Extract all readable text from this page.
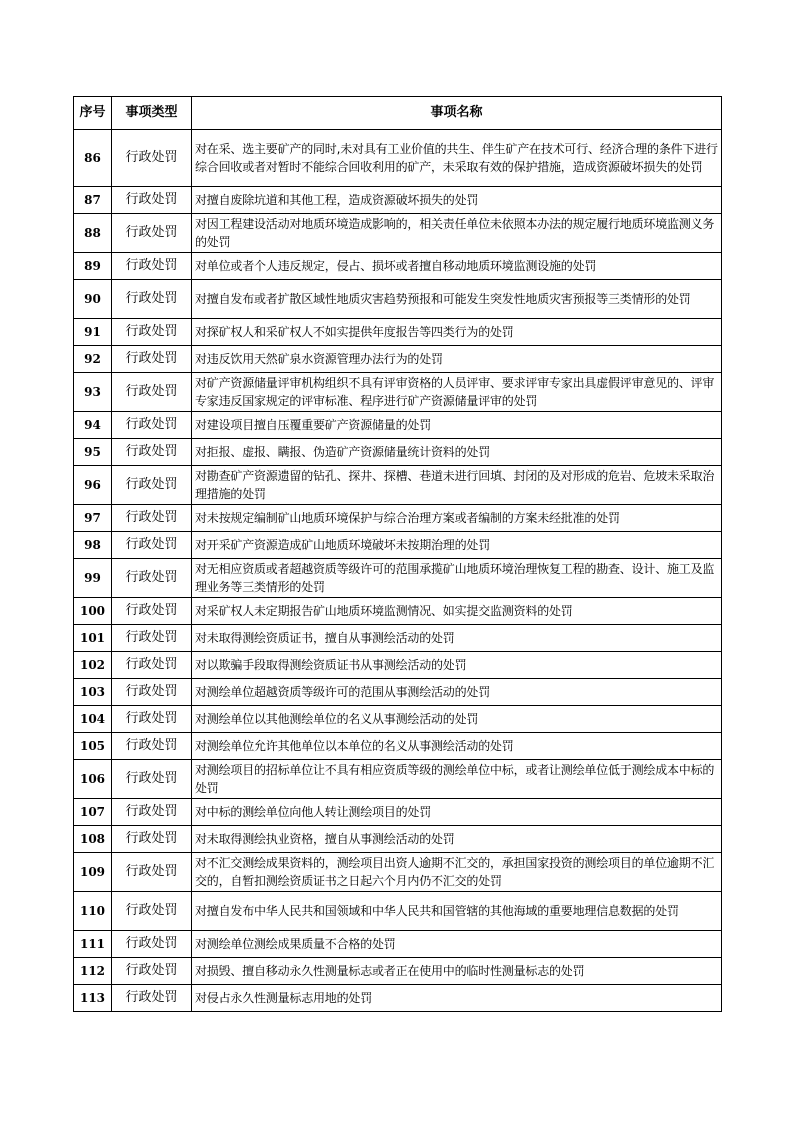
序号	事项类型	事项名称
86	行政处罚	对在采、选主要矿产的同时,未对具有工业价值的共生、伴生矿产在技术可行、经济合理的条件下进行综合回收或者对暂时不能综合回收利用的矿产，未采取有效的保护措施，造成资源破坏损失的处罚
87	行政处罚	对擅自废除坑道和其他工程，造成资源破坏损失的处罚
88	行政处罚	对因工程建设活动对地质环境造成影响的，相关责任单位未依照本办法的规定履行地质环境监测义务的处罚
89	行政处罚	对单位或者个人违反规定，侵占、损坏或者擅自移动地质环境监测设施的处罚
90	行政处罚	对擅自发布或者扩散区域性地质灾害趋势预报和可能发生突发性地质灾害预报等三类情形的处罚
91	行政处罚	对探矿权人和采矿权人不如实提供年度报告等四类行为的处罚
92	行政处罚	对违反饮用天然矿泉水资源管理办法行为的处罚
93	行政处罚	对矿产资源储量评审机构组织不具有评审资格的人员评审、要求评审专家出具虚假评审意见的、评审专家违反国家规定的评审标准、程序进行矿产资源储量评审的处罚
94	行政处罚	对建设项目擅自压覆重要矿产资源储量的处罚
95	行政处罚	对拒报、虚报、瞒报、伪造矿产资源储量统计资料的处罚
96	行政处罚	对勘查矿产资源遗留的钻孔、探井、探槽、巷道未进行回填、封闭的及对形成的危岩、危坡未采取治理措施的处罚
97	行政处罚	对未按规定编制矿山地质环境保护与综合治理方案或者编制的方案未经批准的处罚
98	行政处罚	对开采矿产资源造成矿山地质环境破坏未按期治理的处罚
99	行政处罚	对无相应资质或者超越资质等级许可的范围承揽矿山地质环境治理恢复工程的勘查、设计、施工及监理业务等三类情形的处罚
100	行政处罚	对采矿权人未定期报告矿山地质环境监测情况、如实提交监测资料的处罚
101	行政处罚	对未取得测绘资质证书，擅自从事测绘活动的处罚
102	行政处罚	对以欺骗手段取得测绘资质证书从事测绘活动的处罚
103	行政处罚	对测绘单位超越资质等级许可的范围从事测绘活动的处罚
104	行政处罚	对测绘单位以其他测绘单位的名义从事测绘活动的处罚
105	行政处罚	对测绘单位允许其他单位以本单位的名义从事测绘活动的处罚
106	行政处罚	对测绘项目的招标单位让不具有相应资质等级的测绘单位中标，或者让测绘单位低于测绘成本中标的处罚
107	行政处罚	对中标的测绘单位向他人转让测绘项目的处罚
108	行政处罚	对未取得测绘执业资格，擅自从事测绘活动的处罚
109	行政处罚	对不汇交测绘成果资料的，测绘项目出资人逾期不汇交的，承担国家投资的测绘项目的单位逾期不汇交的，自暂扣测绘资质证书之日起六个月内仍不汇交的处罚
110	行政处罚	对擅自发布中华人民共和国领域和中华人民共和国管辖的其他海域的重要地理信息数据的处罚
111	行政处罚	对测绘单位测绘成果质量不合格的处罚
112	行政处罚	对损毁、擅自移动永久性测量标志或者正在使用中的临时性测量标志的处罚
113	行政处罚	对侵占永久性测量标志用地的处罚
